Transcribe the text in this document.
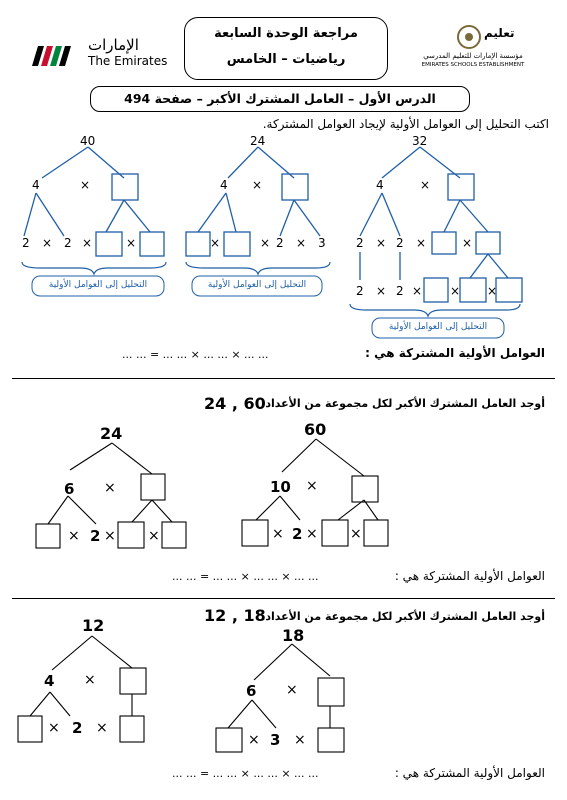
الإمارات
The Emirates
مراجعة الوحدة السابعة
رياضيات – الخامس
تعليم
مؤسسة الإمارات للتعليم المدرسي
EMIRATES SCHOOLS ESTABLISHMENT
الدرس الأول – العامل المشترك الأكبر – صفحة 494
اكتب التحليل إلى العوامل الأولية لإيجاد العوامل المشتركة.
40
4	×
2 × 2 ×	×
24
4 ×
×	× 2 × 3
32
4	×
2 × 2 ×	×
2 × 2 × × ×
التحليل إلى العوامل الأولية	التحليل إلى العوامل الأولية
التحليل إلى العوامل الأولية
العوامل الأولية المشتركة هي :
... ... = ... ... × ... ... × ... ...
أوجد العامل المشترك الأكبر لكل مجموعة من الأعداد.
24 , 60
24
6 ×
× 2 × ×
60
10 ×
× 2 × ×
العوامل الأولية المشتركة هي :
... ... = ... ... × ... ... × ... ...
أوجد العامل المشترك الأكبر لكل مجموعة من الأعداد.
12 , 18
12
4 ×
× 2 ×
18
6 ×
× 3 ×
العوامل الأولية المشتركة هي :
... ... = ... ... × ... ... × ... ...
